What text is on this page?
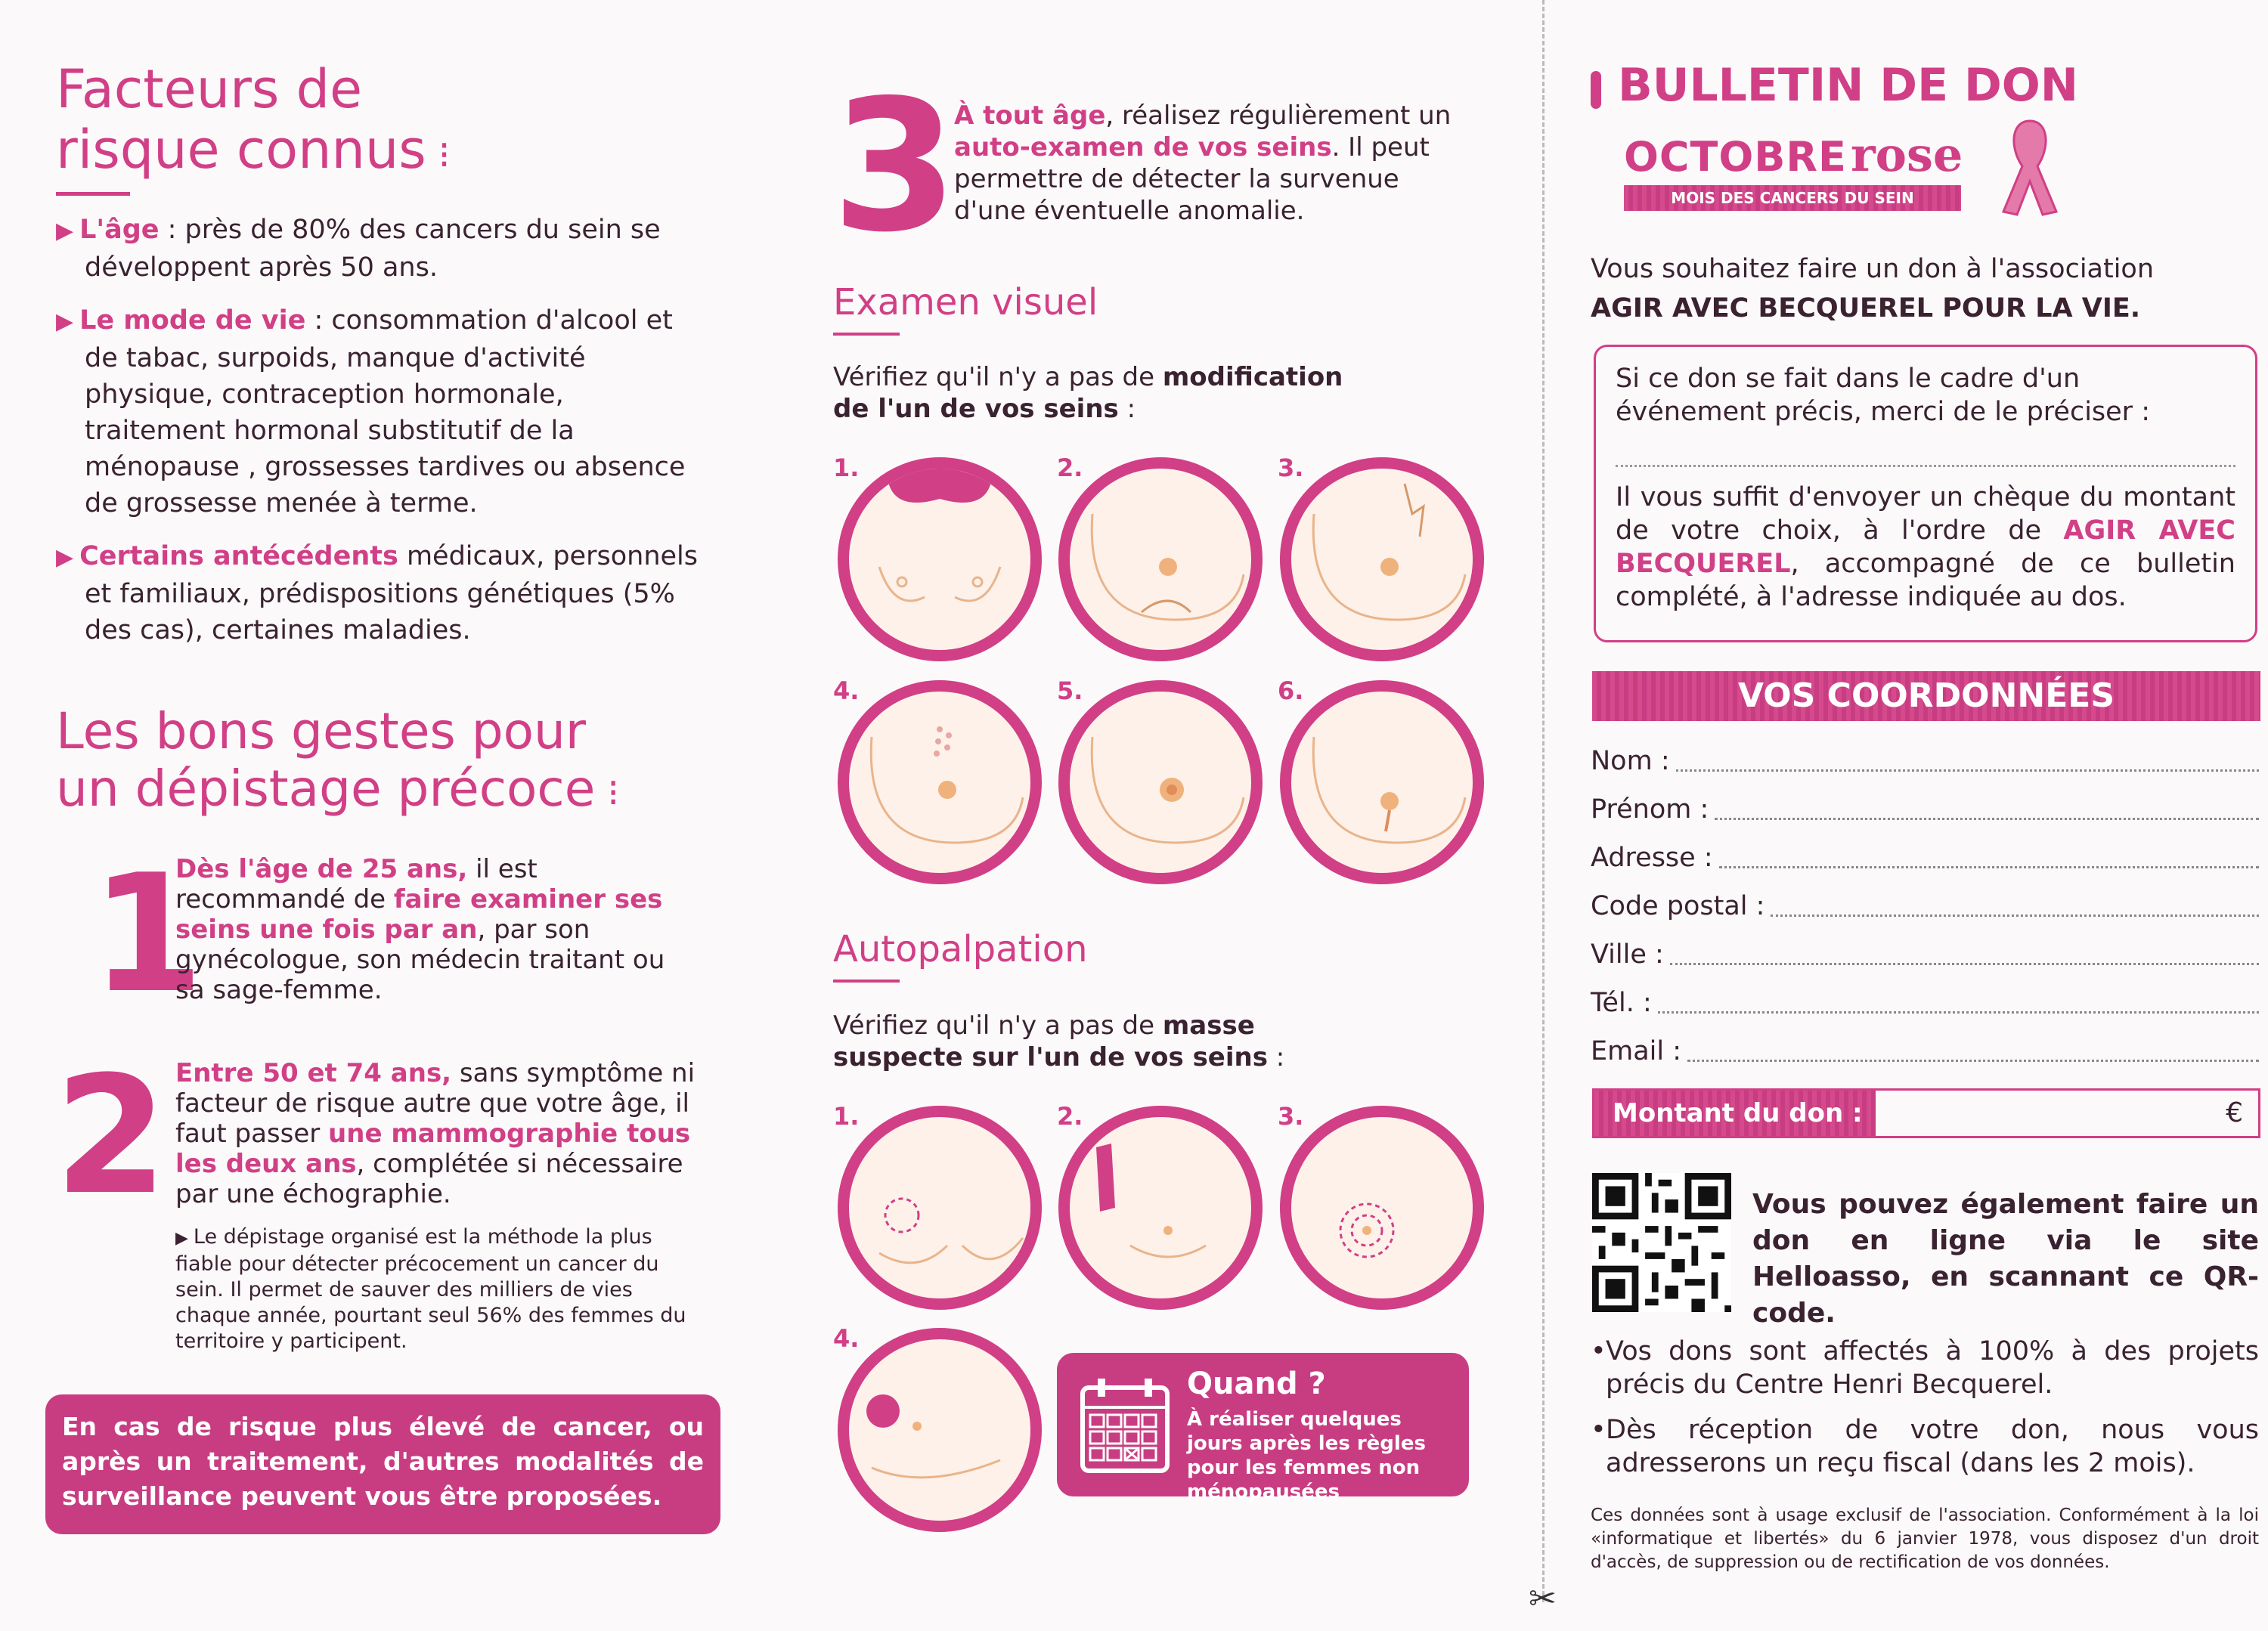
Facteurs de
risque connus ⁝

▶ L'âge : près de 80% des cancers du sein se développent après 50 ans.

▶ Le mode de vie : consommation d'alcool et de tabac, surpoids, manque d'activité physique, contraception hormonale, traitement hormonal substitutif de la ménopause , grossesses tardives ou absence de grossesse menée à terme.

▶ Certains antécédents médicaux, personnels et familiaux, prédispositions génétiques (5% des cas), certaines maladies.

Les bons gestes pour
un dépistage précoce ⁝
1
Dès l'âge de 25 ans, il est recommandé de faire examiner ses seins une fois par an, par son gynécologue, son médecin traitant ou sa sage-femme.
2 Entre 50 et 74 ans, sans symptôme ni facteur de risque autre que votre âge, il faut passer une mammographie tous les deux ans, complétée si nécessaire par une échographie.
▶ Le dépistage organisé est la méthode la plus fiable pour détecter précocement un cancer du sein. Il permet de sauver des milliers de vies chaque année, pourtant seul 56% des femmes du territoire y participent.
En cas de risque plus élevé de cancer, ou après un traitement, d'autres modalités de surveillance peuvent vous être proposées.
3
À tout âge, réalisez régulièrement un auto-examen de vos seins. Il peut permettre de détecter la survenue d'une éventuelle anomalie.
Examen visuel
Vérifiez qu'il n'y a pas de modification de l'un de vos seins :
1.	2.	3.
4.	5.	6.
Autopalpation
Vérifiez qu'il n'y a pas de masse suspecte sur l'un de vos seins :
1.	2.	3.
4.
Quand ?
À réaliser quelques jours après les règles pour les femmes non ménopausées
✂
BULLETIN DE DON
OCTOBRE rose
MOIS DES CANCERS DU SEIN
Vous souhaitez faire un don à l'association
AGIR AVEC BECQUEREL POUR LA VIE.
Si ce don se fait dans le cadre d'un événement précis, merci de le préciser :
Il vous suffit d'envoyer un chèque du montant de votre choix, à l'ordre de AGIR AVEC BECQUEREL, accompagné de ce bulletin complété, à l'adresse indiquée au dos.
VOS COORDONNÉES
Nom :
Prénom :
Adresse :
Code postal :
Ville :
Tél. :
Email :
Montant du don :	€
Vous pouvez également faire un don en ligne via le site Helloasso, en scannant ce QR-code.
• Vos dons sont affectés à 100% à des projets précis du Centre Henri Becquerel.
• Dès réception de votre don, nous vous adresserons un reçu fiscal (dans les 2 mois).
Ces données sont à usage exclusif de l'association. Conformément à la loi «informatique et libertés» du 6 janvier 1978, vous disposez d'un droit d'accès, de suppression ou de rectification de vos données.
